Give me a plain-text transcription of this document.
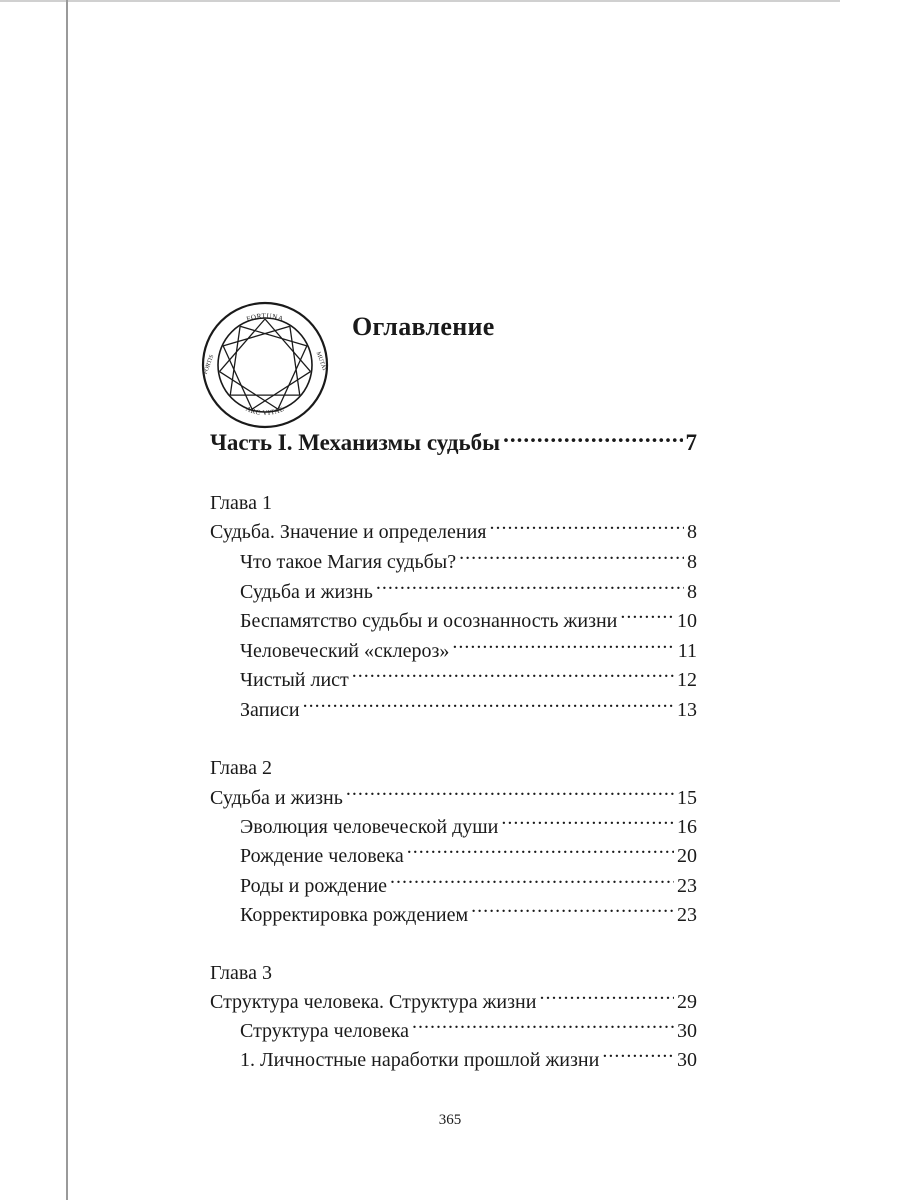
FORTUNA
ARC VITAE
FORTIS	MUTAT
Оглавление
Часть I. Механизмы судьбы .....	7
Глава 1
Судьба. Значение и определения .....	8
Что такое Магия судьбы? .....	8
Судьба и жизнь .....	8
Беспамятство судьбы и осознанность жизни .....	10
Человеческий «склероз» .....	11
Чистый лист .....	12
Записи .....	13
Глава 2
Судьба и жизнь .....	15
Эволюция человеческой души .....	16
Рождение человека .....	20
Роды и рождение .....	23
Корректировка рождением .....	23
Глава 3
Структура человека. Структура жизни .....	29
Структура человека .....	30
1. Личностные наработки прошлой жизни .....	30
365
